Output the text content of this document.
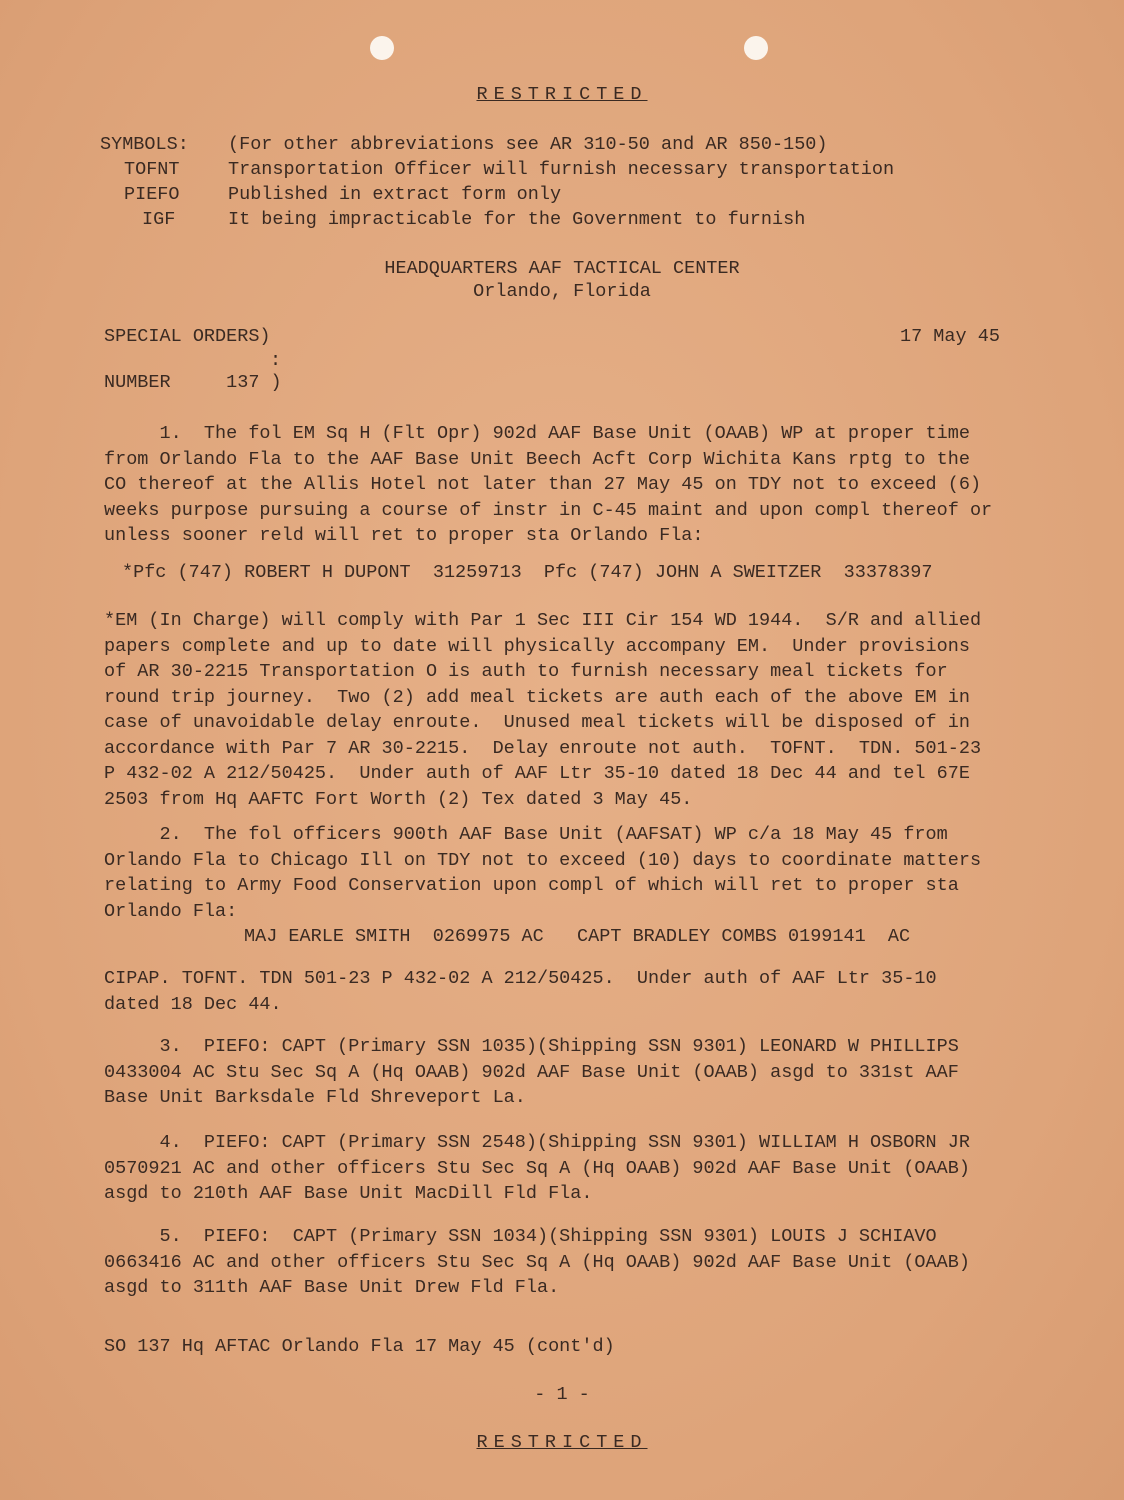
RESTRICTED
SYMBOLS: (For other abbreviations see AR 310-50 and AR 850-150)
TOFNT	Transportation Officer will furnish necessary transportation
PIEFO	Published in extract form only
IGF	It being impracticable for the Government to furnish
HEADQUARTERS AAF TACTICAL CENTER
Orlando, Florida
SPECIAL ORDERS)	17 May 45
:
NUMBER     137 )
1.  The fol EM Sq H (Flt Opr) 902d AAF Base Unit (OAAB) WP at proper time
from Orlando Fla to the AAF Base Unit Beech Acft Corp Wichita Kans rptg to the
CO thereof at the Allis Hotel not later than 27 May 45 on TDY not to exceed (6)
weeks purpose pursuing a course of instr in C-45 maint and upon compl thereof or
unless sooner reld will ret to proper sta Orlando Fla:
*Pfc (747) ROBERT H DUPONT  31259713  Pfc (747) JOHN A SWEITZER  33378397
*EM (In Charge) will comply with Par 1 Sec III Cir 154 WD 1944.  S/R and allied
papers complete and up to date will physically accompany EM.  Under provisions
of AR 30-2215 Transportation O is auth to furnish necessary meal tickets for
round trip journey.  Two (2) add meal tickets are auth each of the above EM in
case of unavoidable delay enroute.  Unused meal tickets will be disposed of in
accordance with Par 7 AR 30-2215.  Delay enroute not auth.  TOFNT.  TDN. 501-23
P 432-02 A 212/50425.  Under auth of AAF Ltr 35-10 dated 18 Dec 44 and tel 67E
2503 from Hq AAFTC Fort Worth (2) Tex dated 3 May 45.
2.  The fol officers 900th AAF Base Unit (AAFSAT) WP c/a 18 May 45 from
Orlando Fla to Chicago Ill on TDY not to exceed (10) days to coordinate matters
relating to Army Food Conservation upon compl of which will ret to proper sta
Orlando Fla:
MAJ EARLE SMITH  0269975 AC   CAPT BRADLEY COMBS 0199141  AC
CIPAP. TOFNT. TDN 501-23 P 432-02 A 212/50425.  Under auth of AAF Ltr 35-10
dated 18 Dec 44.
3.  PIEFO: CAPT (Primary SSN 1035)(Shipping SSN 9301) LEONARD W PHILLIPS
0433004 AC Stu Sec Sq A (Hq OAAB) 902d AAF Base Unit (OAAB) asgd to 331st AAF
Base Unit Barksdale Fld Shreveport La.
4.  PIEFO: CAPT (Primary SSN 2548)(Shipping SSN 9301) WILLIAM H OSBORN JR
0570921 AC and other officers Stu Sec Sq A (Hq OAAB) 902d AAF Base Unit (OAAB)
asgd to 210th AAF Base Unit MacDill Fld Fla.
5.  PIEFO:  CAPT (Primary SSN 1034)(Shipping SSN 9301) LOUIS J SCHIAVO
0663416 AC and other officers Stu Sec Sq A (Hq OAAB) 902d AAF Base Unit (OAAB)
asgd to 311th AAF Base Unit Drew Fld Fla.
SO 137 Hq AFTAC Orlando Fla 17 May 45 (cont'd)
- 1 -
RESTRICTED
